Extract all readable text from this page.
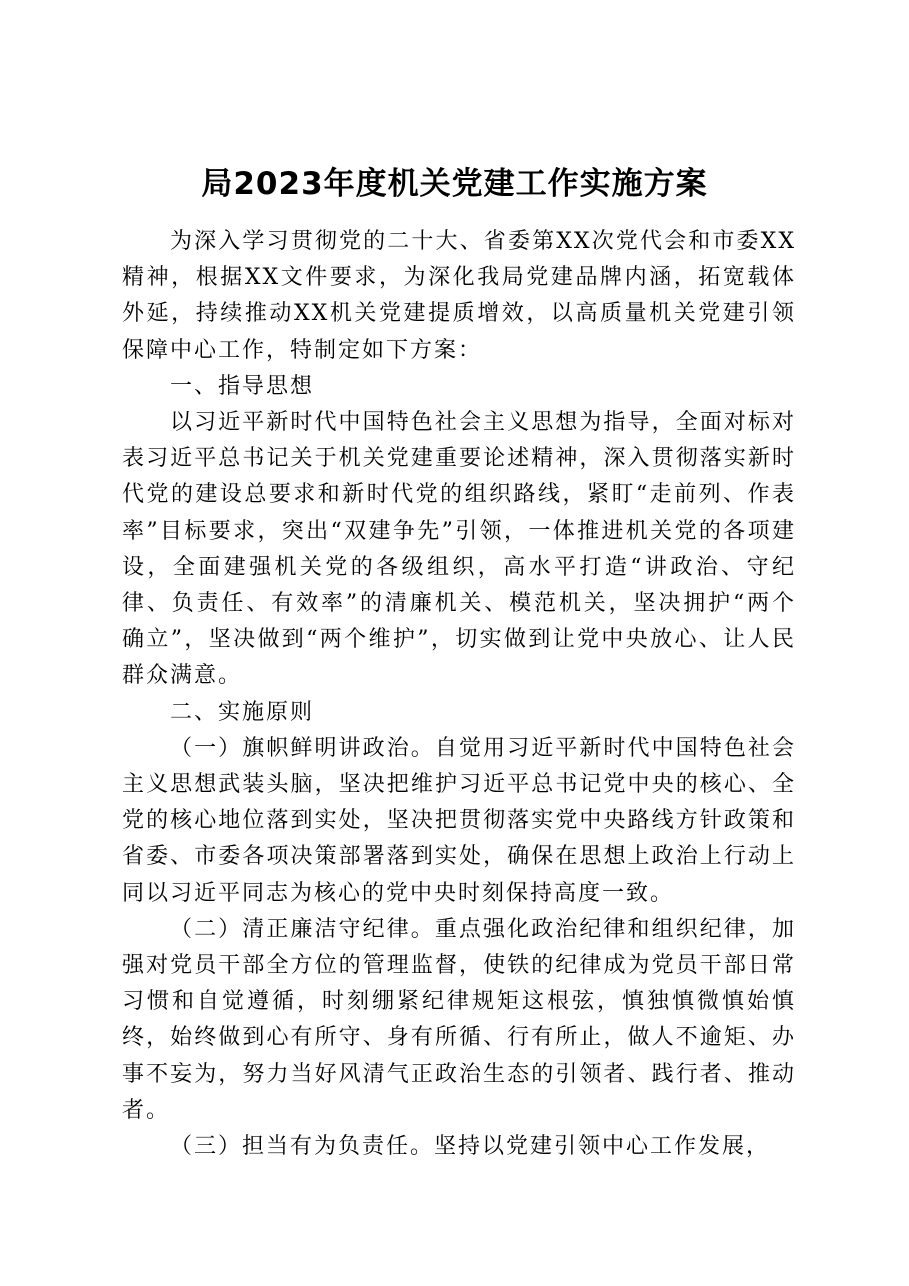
局2023年度机关党建工作实施方案

为深入学习贯彻党的二十大、省委第XX次党代会和市委XX精神，根据XX文件要求，为深化我局党建品牌内涵，拓宽载体外延，持续推动XX机关党建提质增效，以高质量机关党建引领保障中心工作，特制定如下方案：

一、指导思想

以习近平新时代中国特色社会主义思想为指导，全面对标对表习近平总书记关于机关党建重要论述精神，深入贯彻落实新时代党的建设总要求和新时代党的组织路线，紧盯“走前列、作表率”目标要求，突出“双建争先”引领，一体推进机关党的各项建设，全面建强机关党的各级组织，高水平打造“讲政治、守纪律、负责任、有效率”的清廉机关、模范机关，坚决拥护“两个确立”，坚决做到“两个维护”，切实做到让党中央放心、让人民群众满意。

二、实施原则

（一）旗帜鲜明讲政治。自觉用习近平新时代中国特色社会主义思想武装头脑，坚决把维护习近平总书记党中央的核心、全党的核心地位落到实处，坚决把贯彻落实党中央路线方针政策和省委、市委各项决策部署落到实处，确保在思想上政治上行动上同以习近平同志为核心的党中央时刻保持高度一致。

（二）清正廉洁守纪律。重点强化政治纪律和组织纪律，加强对党员干部全方位的管理监督，使铁的纪律成为党员干部日常习惯和自觉遵循，时刻绷紧纪律规矩这根弦，慎独慎微慎始慎终，始终做到心有所守、身有所循、行有所止，做人不逾矩、办事不妄为，努力当好风清气正政治生态的引领者、践行者、推动者。

（三）担当有为负责任。坚持以党建引领中心工作发展，
